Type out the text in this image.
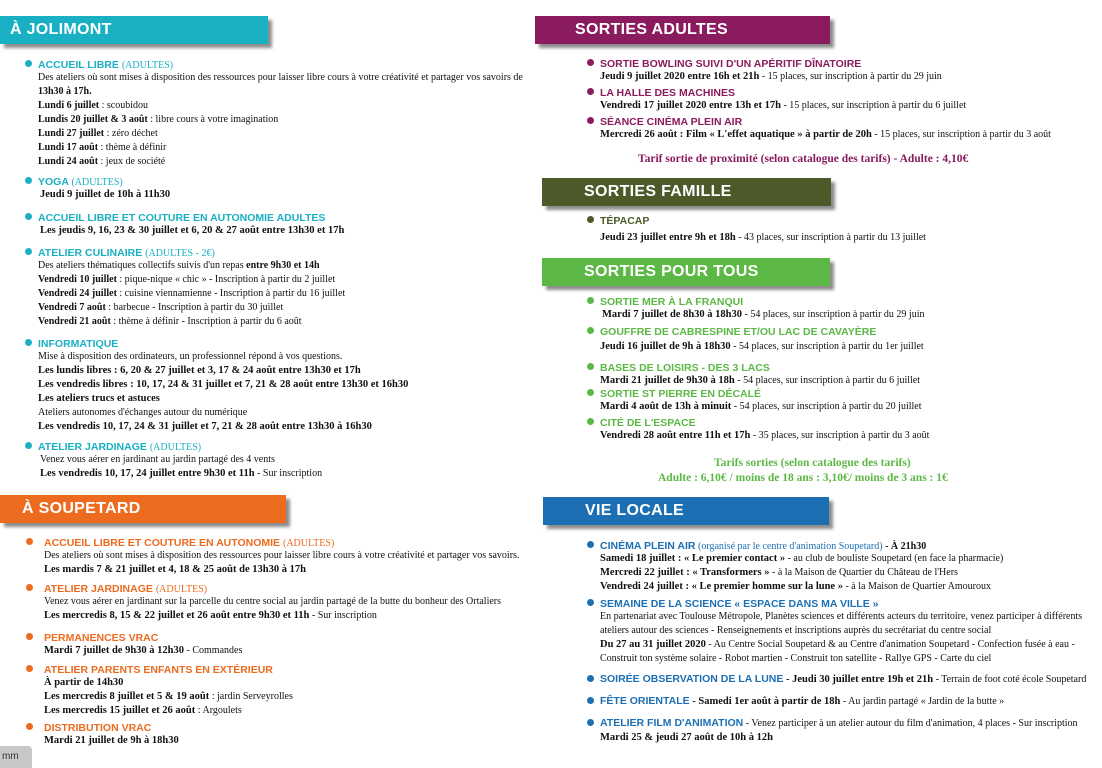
À JOLIMONT
ACCUEIL LIBRE (ADULTES)
Des ateliers où sont mises à disposition des ressources pour laisser libre cours à votre créativité et partager vos savoirs de
13h30 à 17h.
Lundi 6 juillet : scoubidou
Lundis 20 juillet & 3 août : libre cours à votre imagination
Lundi 27 juillet : zéro déchet
Lundi 17 août : thème à définir
Lundi 24 août : jeux de société
YOGA (ADULTES)
Jeudi 9 juillet de 10h à 11h30
ACCUEIL LIBRE ET COUTURE EN AUTONOMIE ADULTES
Les jeudis 9, 16, 23 & 30 juillet et 6, 20 & 27 août entre 13h30 et 17h
ATELIER CULINAIRE (ADULTES - 2€)
Des ateliers thématiques collectifs suivis d'un repas entre 9h30 et 14h
Vendredi 10 juillet : pique-nique « chic » - Inscription à partir du 2 juillet
Vendredi 24 juillet : cuisine viennamienne - Inscription à partir du 16 juillet
Vendredi 7 août : barbecue - Inscription à partir du 30 juillet
Vendredi 21 août : thème à définir - Inscription à partir du 6 août
INFORMATIQUE
Mise à disposition des ordinateurs, un professionnel répond à vos questions.
Les lundis libres : 6, 20 & 27 juillet et 3, 17 & 24 août entre 13h30 et 17h
Les vendredis libres : 10, 17, 24 & 31 juillet et 7, 21 & 28 août entre 13h30 et 16h30
Les ateliers trucs et astuces
Ateliers autonomes d'échanges autour du numérique
Les vendredis 10, 17, 24 & 31 juillet et 7, 21 & 28 août entre 13h30 à 16h30
ATELIER JARDINAGE (ADULTES)
Venez vous aérer en jardinant au jardin partagé des 4 vents
Les vendredis 10, 17, 24 juillet entre 9h30 et 11h - Sur inscription
À SOUPETARD
ACCUEIL LIBRE ET COUTURE EN AUTONOMIE (ADULTES)
Des ateliers où sont mises à disposition des ressources pour laisser libre cours à votre créativité et partager vos savoirs.
Les mardis 7 & 21 juillet et 4, 18 & 25 août de 13h30 à 17h
ATELIER JARDINAGE (ADULTES)
Venez vous aérer en jardinant sur la parcelle du centre social au jardin partagé de la butte du bonheur des Ortaliers
Les mercredis 8, 15 & 22 juillet et 26 août entre 9h30 et 11h - Sur inscription
PERMANENCES VRAC
Mardi 7 juillet de 9h30 à 12h30 - Commandes
ATELIER PARENTS ENFANTS EN EXTÉRIEUR
À partir de 14h30
Les mercredis 8 juillet et 5 & 19 août : jardin Serveyrolles
Les mercredis 15 juillet et 26 août : Argoulets
DISTRIBUTION VRAC
Mardi 21 juillet de 9h à 18h30
mm
SORTIES ADULTES
SORTIE BOWLING SUIVI D'UN APÉRITIF DÎNATOIRE
Jeudi 9 juillet 2020 entre 16h et 21h - 15 places, sur inscription à partir du 29 juin
LA HALLE DES MACHINES
Vendredi 17 juillet 2020 entre 13h et 17h - 15 places, sur inscription à partir du 6 juillet
SÉANCE CINÉMA PLEIN AIR
Mercredi 26 août : Film « L'effet aquatique » à partir de 20h - 15 places, sur inscription à partir du 3 août
Tarif sortie de proximité (selon catalogue des tarifs) - Adulte : 4,10€
SORTIES FAMILLE
TÉPACAP
Jeudi 23 juillet entre 9h et 18h - 43 places, sur inscription à partir du 13 juillet
SORTIES POUR TOUS
SORTIE MER À LA FRANQUI
Mardi 7 juillet de 8h30 à 18h30 - 54 places, sur inscription à partir du 29 juin
GOUFFRE DE CABRESPINE ET/OU LAC DE CAVAYÈRE
Jeudi 16 juillet de 9h à 18h30 - 54 places, sur inscription à partir du 1er juillet
BASES DE LOISIRS - DES 3 LACS
Mardi 21 juillet de 9h30 à 18h - 54 places, sur inscription à partir du 6 juillet
SORTIE ST PIERRE EN DÉCALÉ
Mardi 4 août de 13h à minuit - 54 places, sur inscription à partir du 20 juillet
CITÉ DE L'ESPACE
Vendredi 28 août entre 11h et 17h - 35 places, sur inscription à partir du 3 août
Tarifs sorties (selon catalogue des tarifs)
Adulte : 6,10€ / moins de 18 ans : 3,10€/ moins de 3 ans : 1€
VIE LOCALE
CINÉMA PLEIN AIR (organisé par le centre d'animation Soupetard) - À 21h30
Samedi 18 juillet : « Le premier contact » - au club de bouliste Soupetard (en face la pharmacie)
Mercredi 22 juillet : « Transformers » - à la Maison de Quartier du Château de l'Hers
Vendredi 24 juillet : « Le premier homme sur la lune » - à la Maison de Quartier Amouroux
SEMAINE DE LA SCIENCE « ESPACE DANS MA VILLE »
En partenariat avec Toulouse Métropole, Planètes sciences et différents acteurs du territoire, venez participer à différents
ateliers autour des sciences - Renseignements et inscriptions auprès du secrétariat du centre social
Du 27 au 31 juillet 2020 - Au Centre Social Soupetard & au Centre d'animation Soupetard - Confection fusée à eau -
Construit ton système solaire - Robot martien - Construit ton satellite - Rallye GPS - Carte du ciel
SOIRÉE OBSERVATION DE LA LUNE - Jeudi 30 juillet entre 19h et 21h - Terrain de foot coté école Soupetard
FÊTE ORIENTALE - Samedi 1er août à partir de 18h - Au jardin partagé « Jardin de la butte »
ATELIER FILM D'ANIMATION - Venez participer à un atelier autour du film d'animation, 4 places - Sur inscription
Mardi 25 & jeudi 27 août de 10h à 12h
